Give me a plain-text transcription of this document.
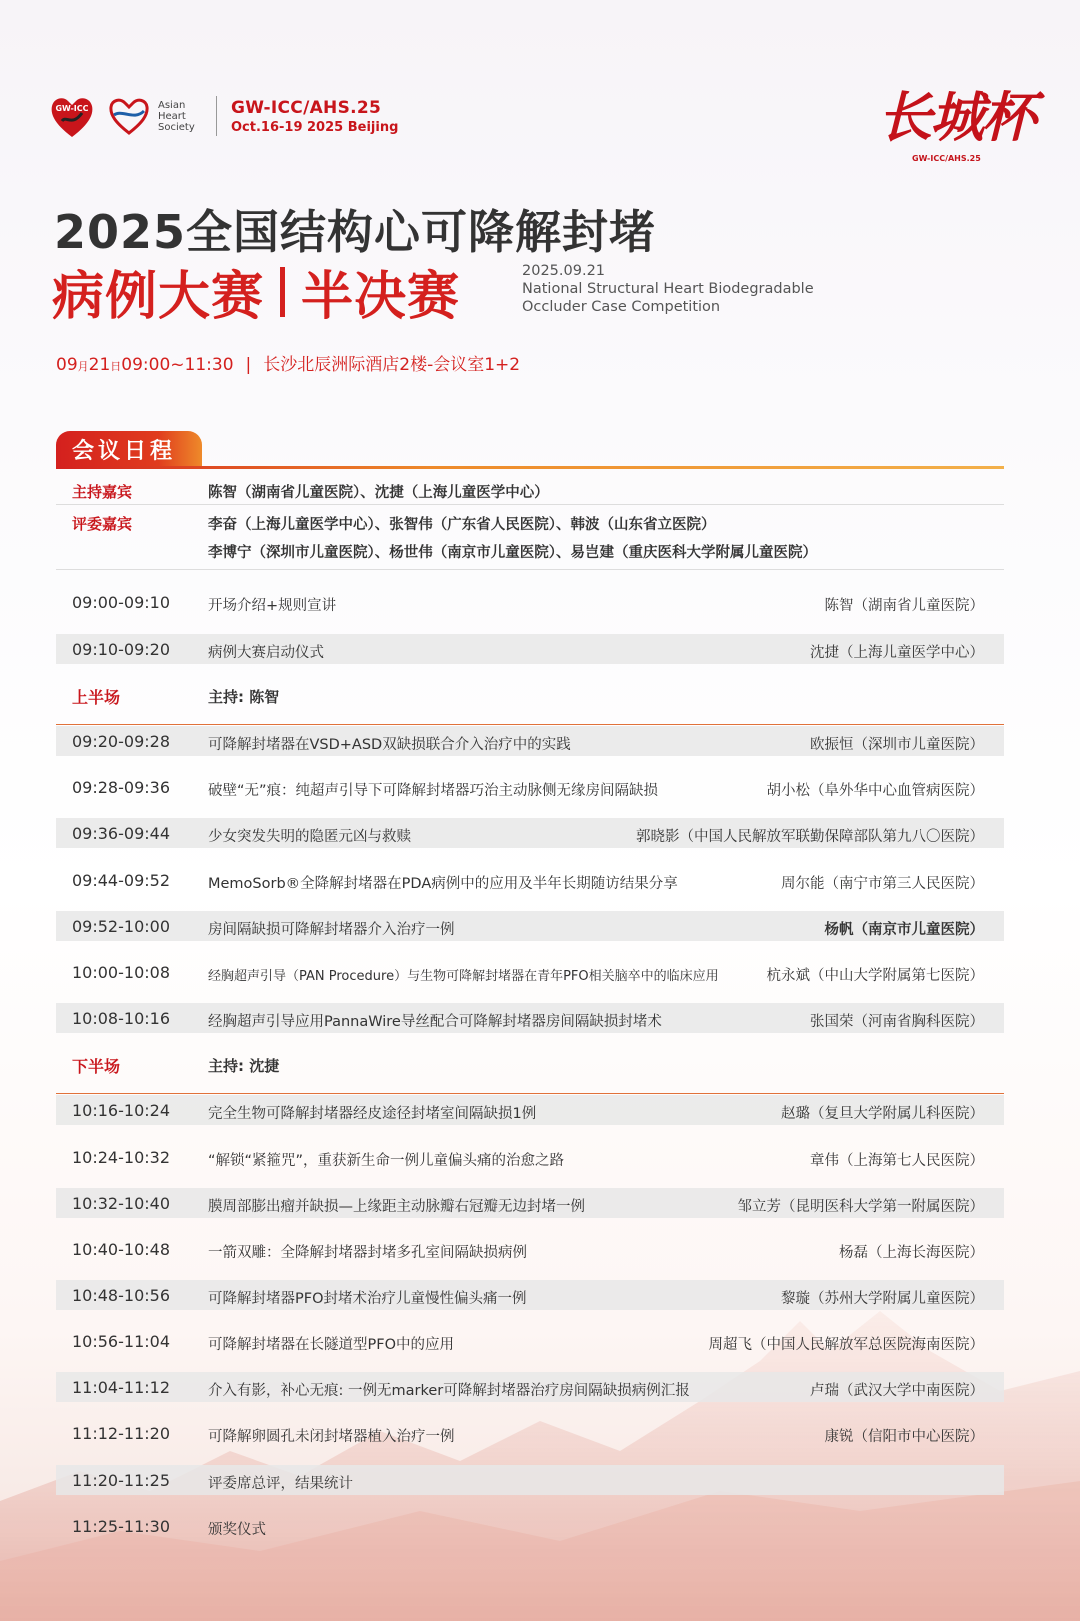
GW-ICC	Asian Heart Society
GW-ICC/AHS.25
Oct.16-19 2025 Beijing	长城杯 ®
GW-ICC/AHS.25
2025全国结构心可降解封堵
病例大赛 半决赛	2025.09.21
National Structural Heart Biodegradable
Occluder Case Competition
09月21日09:00~11:30 | 长沙北辰洲际酒店2楼-会议室1+2
会议日程
主持嘉宾	陈智（湖南省儿童医院）、沈捷（上海儿童医学中心）
评委嘉宾	李奋（上海儿童医学中心）、张智伟（广东省人民医院）、韩波（山东省立医院）
李博宁（深圳市儿童医院）、杨世伟（南京市儿童医院）、易岂建（重庆医科大学附属儿童医院）
09:00-09:10	开场介绍+规则宣讲	陈智（湖南省儿童医院）
09:10-09:20	病例大赛启动仪式	沈捷（上海儿童医学中心）
上半场	主持: 陈智
09:20-09:28	可降解封堵器在VSD+ASD双缺损联合介入治疗中的实践	欧振恒（深圳市儿童医院）
09:28-09:36	破壁“无”痕：纯超声引导下可降解封堵器巧治主动脉侧无缘房间隔缺损	胡小松（阜外华中心血管病医院）
09:36-09:44	少女突发失明的隐匿元凶与救赎	郭晓影（中国人民解放军联勤保障部队第九八〇医院）
09:44-09:52	MemoSorb®全降解封堵器在PDA病例中的应用及半年长期随访结果分享	周尔能（南宁市第三人民医院）
09:52-10:00	房间隔缺损可降解封堵器介入治疗一例	杨帆（南京市儿童医院）
10:00-10:08	经胸超声引导（PAN Procedure）与生物可降解封堵器在青年PFO相关脑卒中的临床应用	杭永斌（中山大学附属第七医院）
10:08-10:16	经胸超声引导应用PannaWire导丝配合可降解封堵器房间隔缺损封堵术	张国荣（河南省胸科医院）
下半场	主持: 沈捷
10:16-10:24	完全生物可降解封堵器经皮途径封堵室间隔缺损1例	赵璐（复旦大学附属儿科医院）
10:24-10:32	“解锁“紧箍咒”，重获新生命一例儿童偏头痛的治愈之路	章伟（上海第七人民医院）
10:32-10:40	膜周部膨出瘤并缺损—上缘距主动脉瓣右冠瓣无边封堵一例	邹立芳（昆明医科大学第一附属医院）
10:40-10:48	一箭双雕：全降解封堵器封堵多孔室间隔缺损病例	杨磊（上海长海医院）
10:48-10:56	可降解封堵器PFO封堵术治疗儿童慢性偏头痛一例	黎璇（苏州大学附属儿童医院）
10:56-11:04	可降解封堵器在长隧道型PFO中的应用	周超飞（中国人民解放军总医院海南医院）
11:04-11:12	介入有影，补心无痕: 一例无marker可降解封堵器治疗房间隔缺损病例汇报	卢瑞（武汉大学中南医院）
11:12-11:20	可降解卵圆孔未闭封堵器植入治疗一例	康锐（信阳市中心医院）
11:20-11:25	评委席总评，结果统计
11:25-11:30	颁奖仪式
